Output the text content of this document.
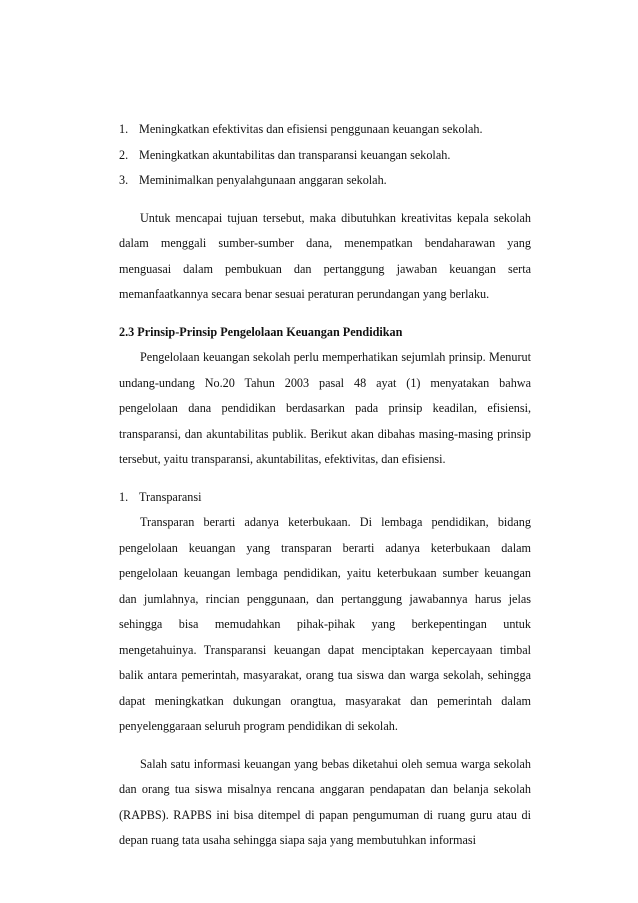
1. Meningkatkan efektivitas dan efisiensi penggunaan keuangan sekolah.
2. Meningkatkan akuntabilitas dan transparansi keuangan sekolah.
3. Meminimalkan penyalahgunaan anggaran sekolah.

Untuk mencapai tujuan tersebut, maka dibutuhkan kreativitas kepala sekolah dalam menggali sumber-sumber dana, menempatkan bendaharawan yang menguasai dalam pembukuan dan pertanggung jawaban keuangan serta memanfaatkannya secara benar sesuai peraturan perundangan yang berlaku.

2.3 Prinsip-Prinsip Pengelolaan Keuangan Pendidikan

Pengelolaan keuangan sekolah perlu memperhatikan sejumlah prinsip. Menurut undang-undang No.20 Tahun 2003 pasal 48 ayat (1) menyatakan bahwa pengelolaan dana pendidikan berdasarkan pada prinsip keadilan, efisiensi, transparansi, dan akuntabilitas publik. Berikut akan dibahas masing-masing prinsip tersebut, yaitu transparansi, akuntabilitas, efektivitas, dan efisiensi.

1. Transparansi

Transparan berarti adanya keterbukaan. Di lembaga pendidikan, bidang pengelolaan keuangan yang transparan berarti adanya keterbukaan dalam pengelolaan keuangan lembaga pendidikan, yaitu keterbukaan sumber keuangan dan jumlahnya, rincian penggunaan, dan pertanggung jawabannya harus jelas sehingga bisa memudahkan pihak-pihak yang berkepentingan untuk mengetahuinya. Transparansi keuangan dapat menciptakan kepercayaan timbal balik antara pemerintah, masyarakat, orang tua siswa dan warga sekolah, sehingga dapat meningkatkan dukungan orangtua, masyarakat dan pemerintah dalam penyelenggaraan seluruh program pendidikan di sekolah.

Salah satu informasi keuangan yang bebas diketahui oleh semua warga sekolah dan orang tua siswa misalnya rencana anggaran pendapatan dan belanja sekolah (RAPBS). RAPBS ini bisa ditempel di papan pengumuman di ruang guru atau di depan ruang tata usaha sehingga siapa saja yang membutuhkan informasi
